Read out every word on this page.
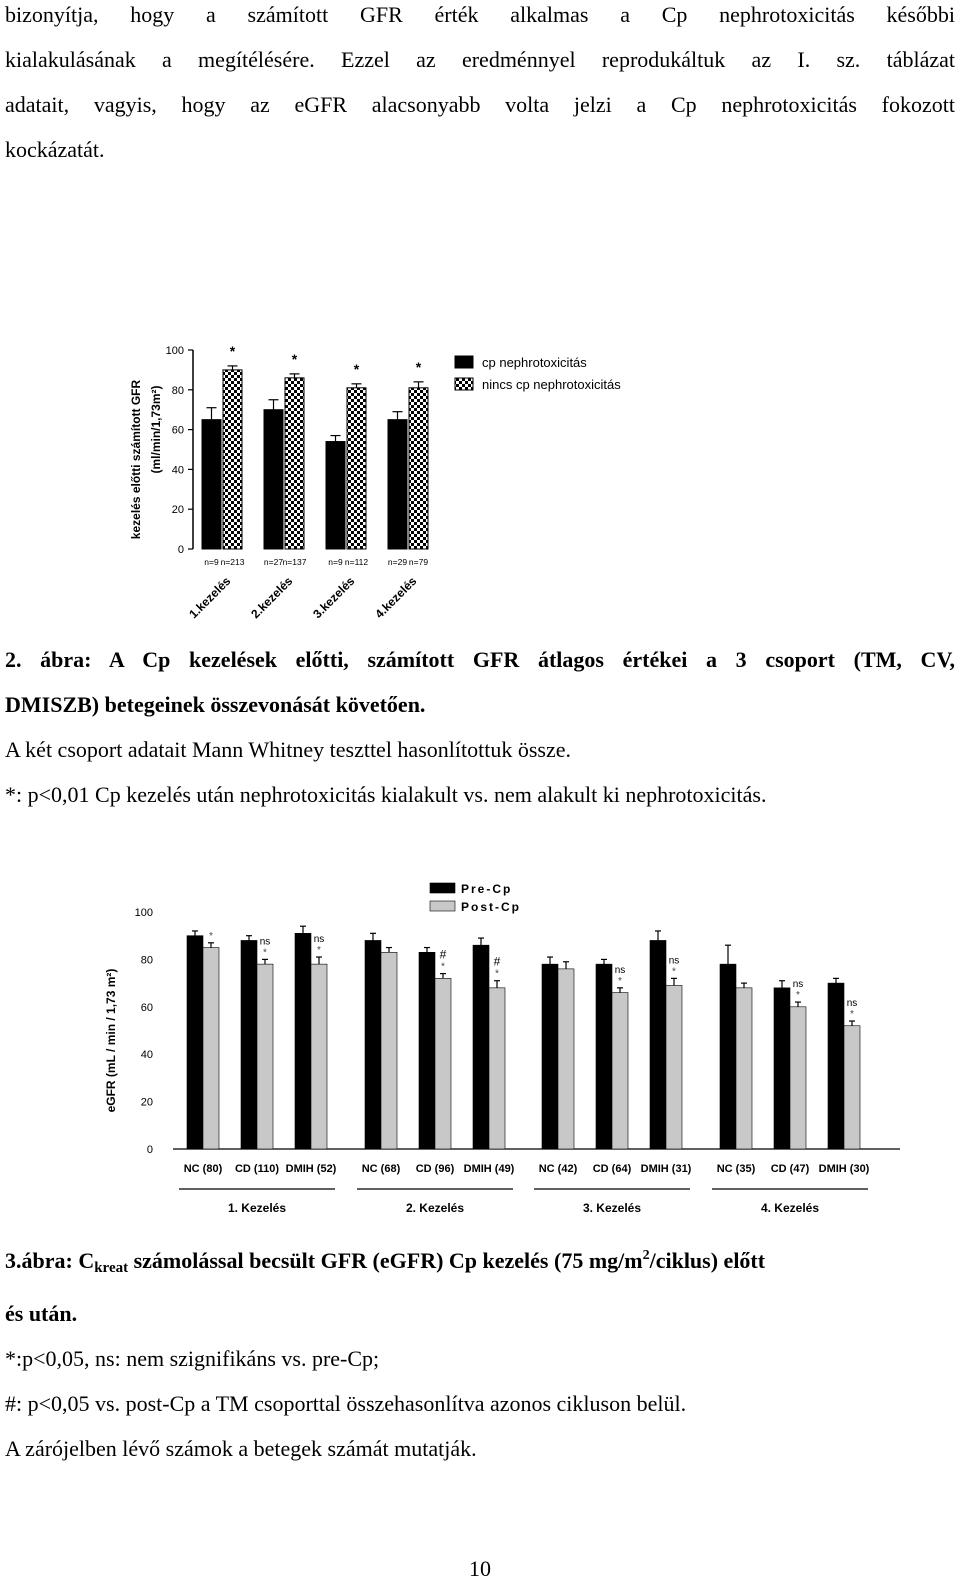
bizonyítja, hogy a számított GFR érték alkalmas a Cp nephrotoxicitás későbbi

kialakulásának a megítélésére. Ezzel az eredménnyel reprodukáltuk az I. sz. táblázat

adatait, vagyis, hogy az eGFR alacsonyabb volta jelzi a Cp nephrotoxicitás fokozott

kockázatát.

0
20
40
60
80
100
kezelés előtti számított GFR (ml/min/1,73m²)
n=9 n=213
*
1.kezelés
n=27 n=137
*
2.kezelés
n=9 n=112
*
3.kezelés
n=29 n=79
*
4.kezelés
cp nephrotoxicitás
nincs cp nephrotoxicitás

2. ábra: A Cp kezelések előtti, számított GFR átlagos értékei a 3 csoport (TM, CV,

DMISZB) betegeinek összevonását követően.

A két csoport adatait Mann Whitney teszttel hasonlítottuk össze.

*: p<0,01 Cp kezelés után nephrotoxicitás kialakult vs. nem alakult ki nephrotoxicitás.

0
20
40
60
80
100
eGFR (mL / min / 1,73 m²)
*
NC (80)
*
ns
CD (110)
*
ns
DMIH (52) NC (68)
*
#
CD (96)
*
#
DMIH (49) NC (42)
*
ns
CD (64)
*
ns
DMIH (31) NC (35)
*
ns
CD (47)
*
ns
DMIH (30)
1. Kezelés	2. Kezelés	3. Kezelés	4. Kezelés
Pre-Cp
Post-Cp

3.ábra: $C_{kreat}$ számolással becsült GFR (eGFR) Cp kezelés (75 $mg/m^2/ciklus$) előtt

és után.

*:p<0,05, ns: nem szignifikáns vs. pre-Cp;

#: p<0,05 vs. post-Cp a TM csoporttal összehasonlítva azonos cikluson belül.

A zárójelben lévő számok a betegek számát mutatják.

10
